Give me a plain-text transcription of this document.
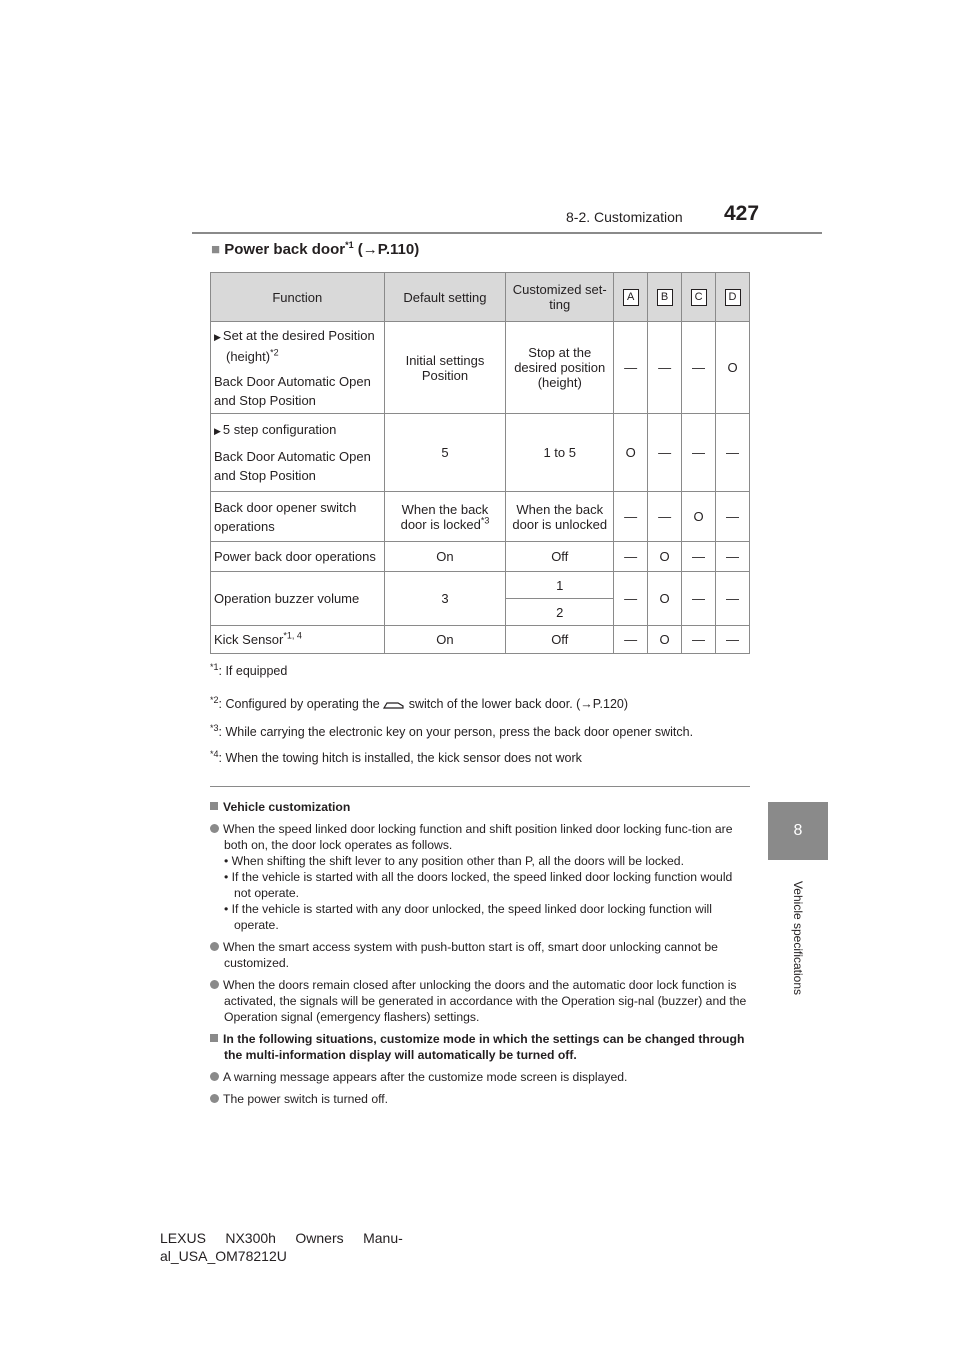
8-2. Customization 427
8
Vehicle specifications
■ Power back door$^{*1}$ (→P.110)
Function	Default setting	Customized set-ting	A	B	C	D

▶ Set at the desired Position (height)$^{*2}$
Back Door Automatic Open and Stop Position	Initial settings Position	Stop at the desired position (height)	—	—	—	O

▶ 5 step configuration
Back Door Automatic Open and Stop Position	5	1 to 5	O	—	—	—
Back door opener switch operations	When the back door is locked$^{*3}$	When the back door is unlocked	—	—	O	—
Power back door operations	On	Off	—	O	—	—
Operation buzzer volume	3	1	—	O	—	—
		2				
Kick Sensor$^{*1, 4}$	On	Off	—	O	—	—
$^{*1}$: If equipped
$^{*2}$: Configured by operating the switch of the lower back door. (→P.120)
$^{*3}$: While carrying the electronic key on your person, press the back door opener switch.
$^{*4}$: When the towing hitch is installed, the kick sensor does not work
Vehicle customization
When the speed linked door locking function and shift position linked door locking func-tion are both on, the door lock operates as follows.
• When shifting the shift lever to any position other than P, all the doors will be locked.
• If the vehicle is started with all the doors locked, the speed linked door locking function would not operate.
• If the vehicle is started with any door unlocked, the speed linked door locking function will operate.
When the smart access system with push-button start is off, smart door unlocking cannot be customized.
When the doors remain closed after unlocking the doors and the automatic door lock function is activated, the signals will be generated in accordance with the Operation sig-nal (buzzer) and the Operation signal (emergency flashers) settings.
In the following situations, customize mode in which the settings can be changed through the multi-information display will automatically be turned off.
A warning message appears after the customize mode screen is displayed.
The power switch is turned off.
LEXUS     NX300h     Owners     Manu-
al_USA_OM78212U
